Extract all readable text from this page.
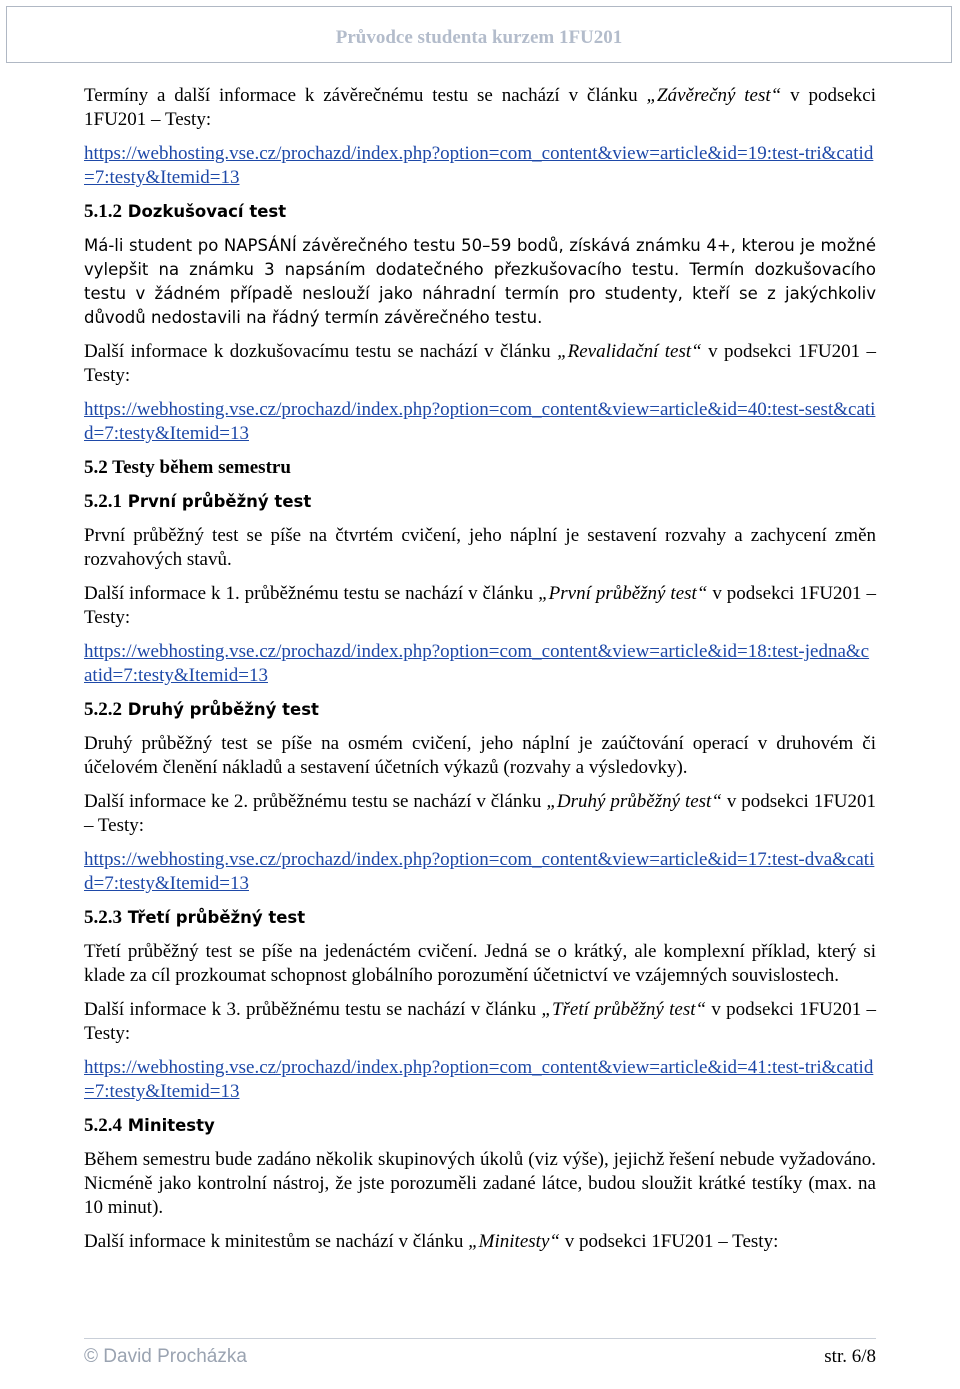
Průvodce studenta kurzem 1FU201

Termíny a další informace k závěrečnému testu se nachází v článku „Závěrečný test“ v podsekci 1FU201 – Testy:

https://webhosting.vse.cz/prochazd/index.php?option=com_content&view=article&id=19:test-tri&catid=7:testy&Itemid=13
5.1.2 Dozkušovací test

Má-li student po NAPSÁNÍ závěrečného testu 50–59 bodů, získává známku 4+, kterou je možné vylepšit na známku 3 napsáním dodatečného přezkušovacího testu. Termín dozkušovacího testu v žádném případě neslouží jako náhradní termín pro studenty, kteří se z jakýchkoliv důvodů nedostavili na řádný termín závěrečného testu.

Další informace k dozkušovacímu testu se nachází v článku „Revalidační test“ v podsekci 1FU201 – Testy:

https://webhosting.vse.cz/prochazd/index.php?option=com_content&view=article&id=40:test-sest&catid=7:testy&Itemid=13
5.2 Testy během semestru
5.2.1 První průběžný test

První průběžný test se píše na čtvrtém cvičení, jeho náplní je sestavení rozvahy a zachycení změn rozvahových stavů.

Další informace k 1. průběžnému testu se nachází v článku „První průběžný test“ v podsekci 1FU201 – Testy:

https://webhosting.vse.cz/prochazd/index.php?option=com_content&view=article&id=18:test-jedna&catid=7:testy&Itemid=13
5.2.2 Druhý průběžný test

Druhý průběžný test se píše na osmém cvičení, jeho náplní je zaúčtování operací v druhovém či účelovém členění nákladů a sestavení účetních výkazů (rozvahy a výsledovky).

Další informace ke 2. průběžnému testu se nachází v článku „Druhý průběžný test“ v podsekci 1FU201 – Testy:

https://webhosting.vse.cz/prochazd/index.php?option=com_content&view=article&id=17:test-dva&catid=7:testy&Itemid=13
5.2.3 Třetí průběžný test

Třetí průběžný test se píše na jedenáctém cvičení. Jedná se o krátký, ale komplexní příklad, který si klade za cíl prozkoumat schopnost globálního porozumění účetnictví ve vzájemných souvislostech.

Další informace k 3. průběžnému testu se nachází v článku „Třetí průběžný test“ v podsekci 1FU201 – Testy:

https://webhosting.vse.cz/prochazd/index.php?option=com_content&view=article&id=41:test-tri&catid=7:testy&Itemid=13
5.2.4 Minitesty

Během semestru bude zadáno několik skupinových úkolů (viz výše), jejichž řešení nebude vyžadováno. Nicméně jako kontrolní nástroj, že jste porozuměli zadané látce, budou sloužit krátké testíky (max. na 10 minut).

Další informace k minitestům se nachází v článku „Minitesty“ v podsekci 1FU201 – Testy:

© David Procházka	str. 6/8
